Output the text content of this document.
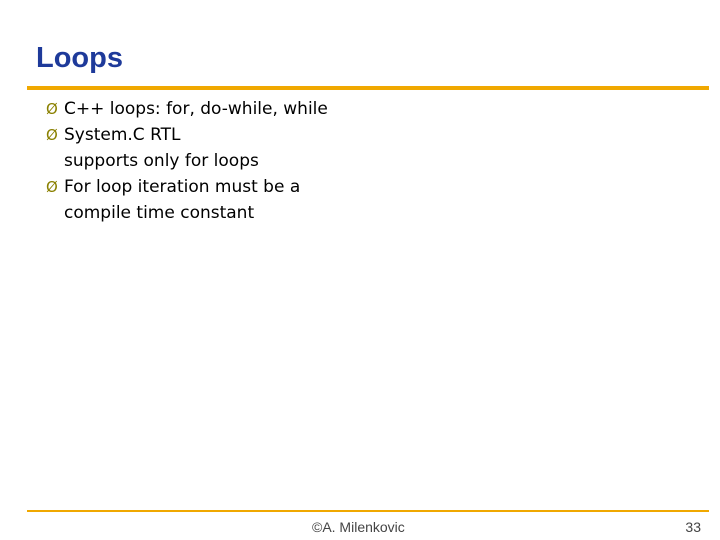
Loops
Ø C++ loops: for, do-while, while
Ø System.C RTL
supports only for loops
Ø For loop iteration must be a
compile time constant
©A. Milenkovic	33
